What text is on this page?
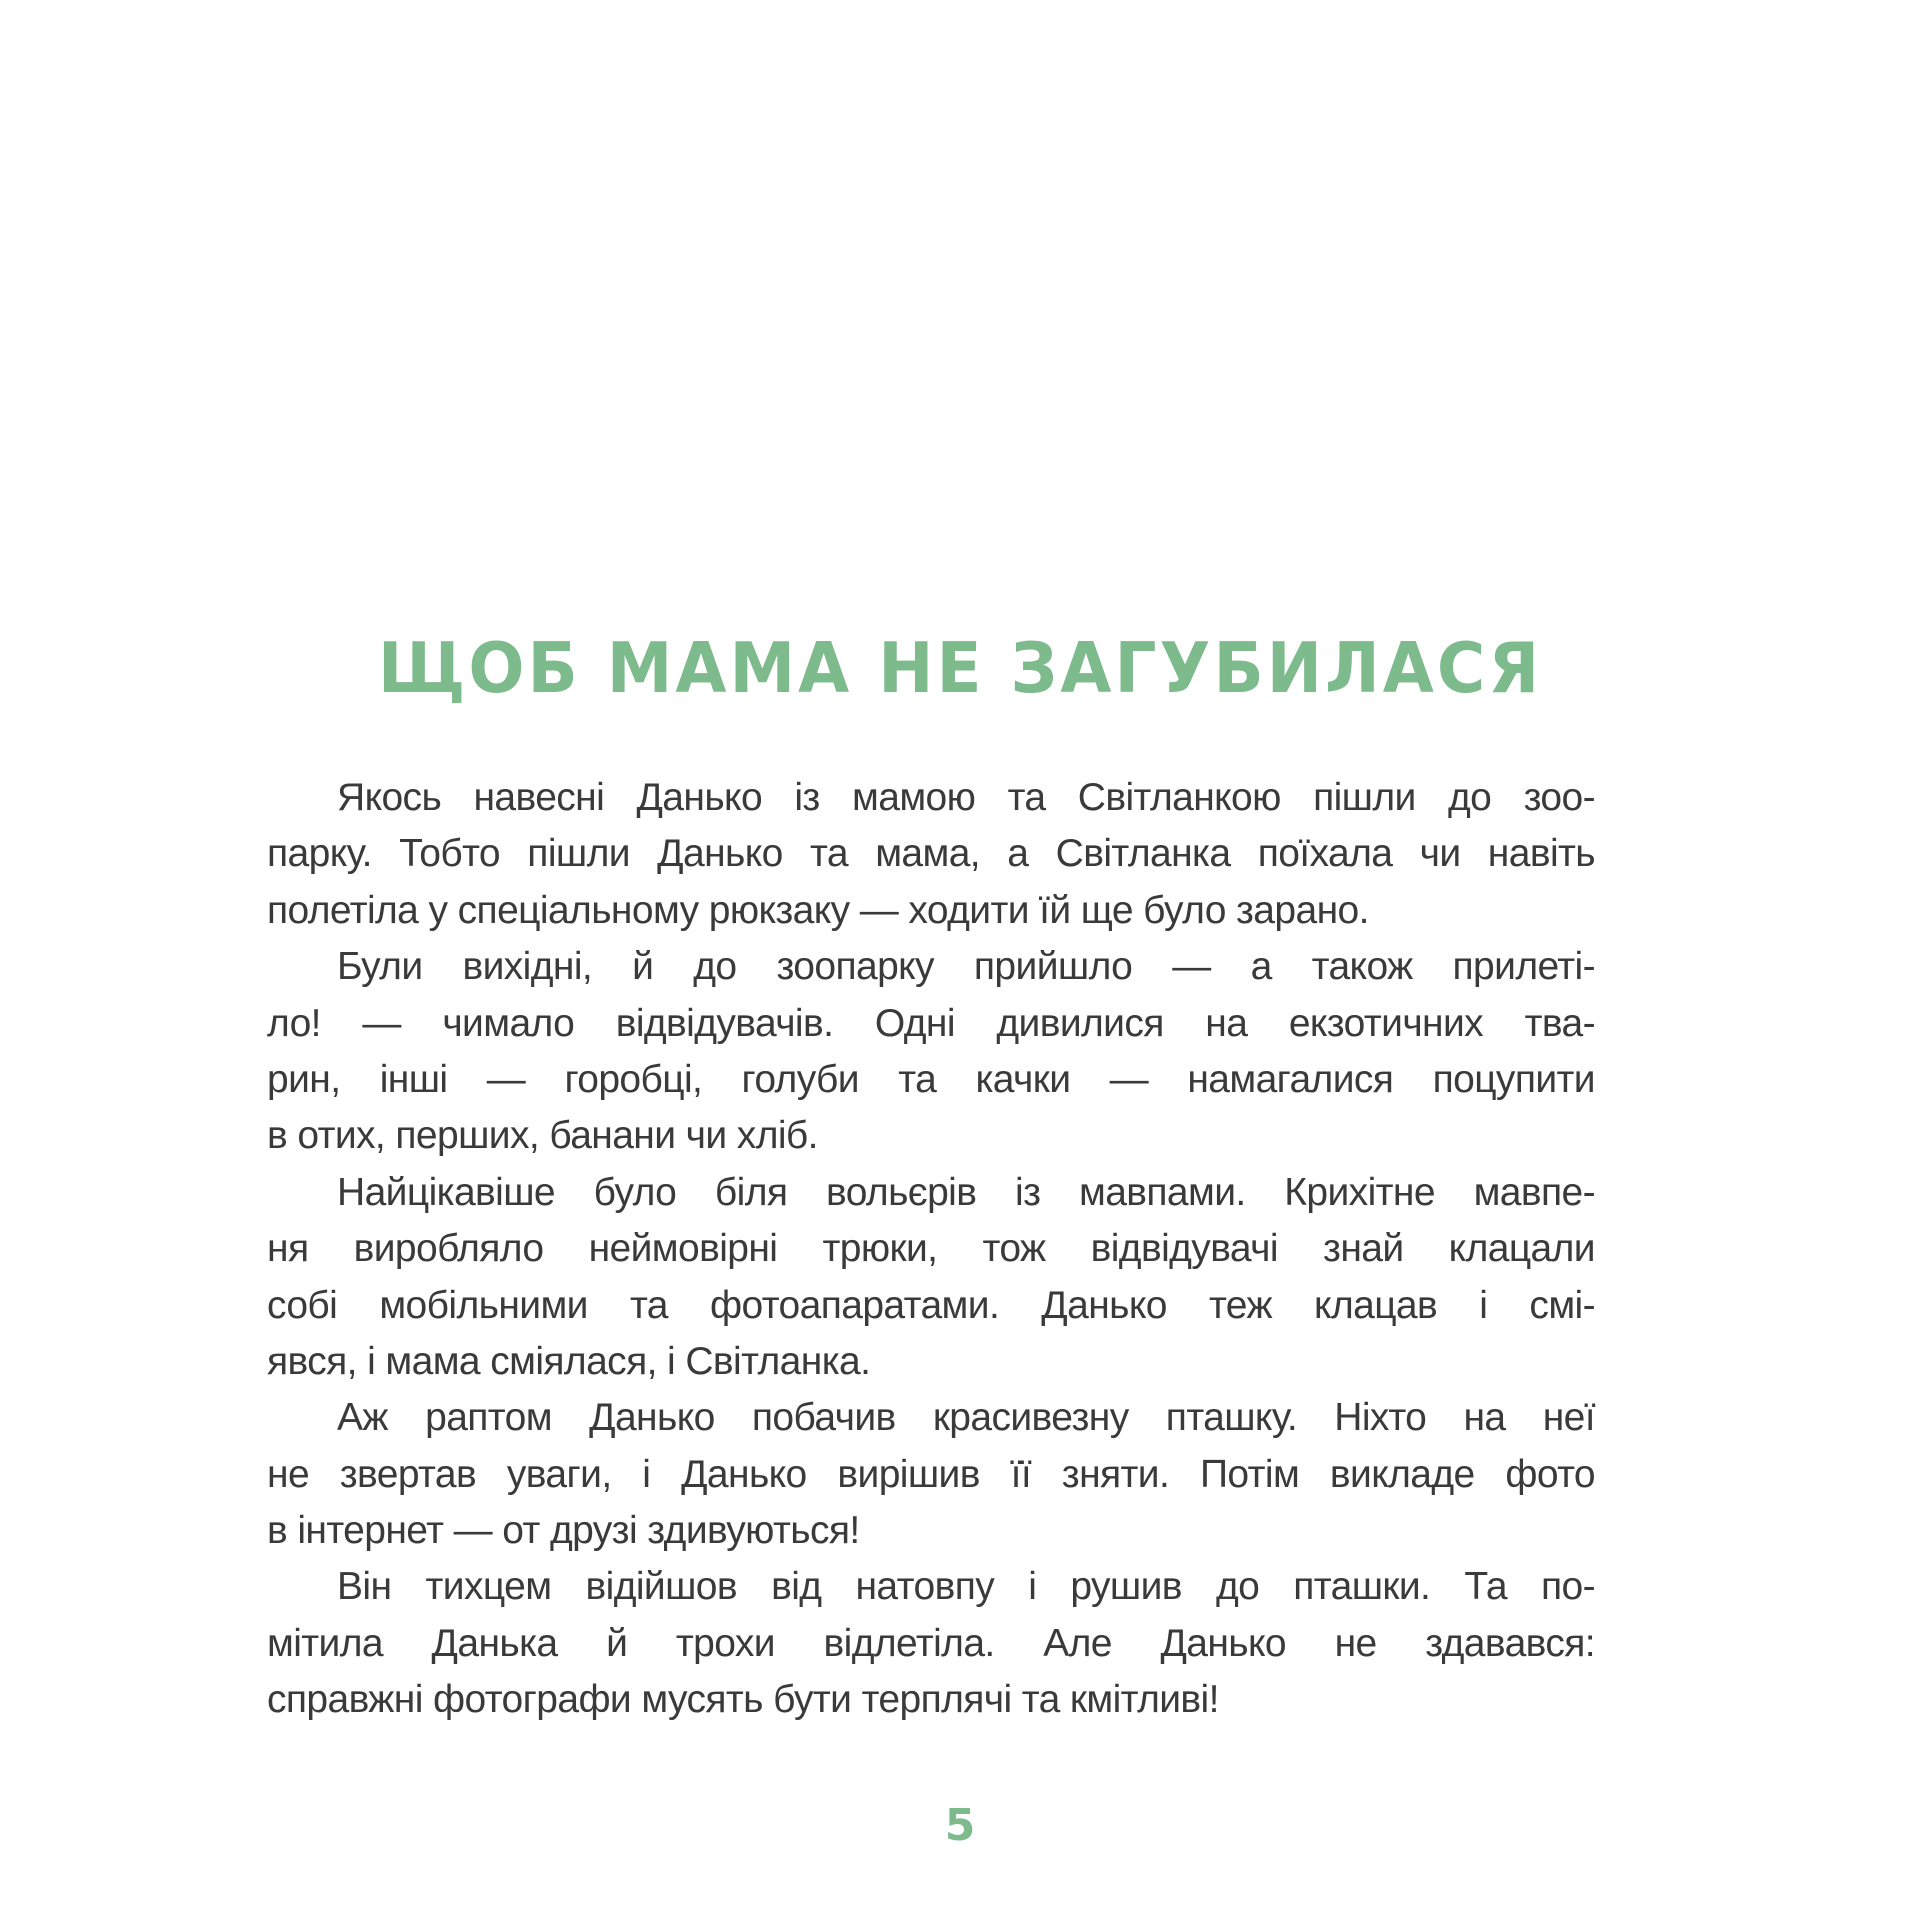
ЩОБ МАМА НЕ ЗАГУБИЛАСЯ
Якось навесні Данько із мамою та Світланкою пішли до зоо-
парку. Тобто пішли Данько та мама, а Світланка поїхала чи навіть
полетіла у спеціальному рюкзаку — ходити їй ще було зарано.
Були вихідні, й до зоопарку прийшло — а також прилеті-
ло! — чимало відвідувачів. Одні дивилися на екзотичних тва-
рин, інші — горобці, голуби та качки — намагалися поцупити
в отих, перших, банани чи хліб.
Найцікавіше було біля вольєрів із мавпами. Крихітне мавпе-
ня виробляло неймовірні трюки, тож відвідувачі знай клацали
собі мобільними та фотоапаратами. Данько теж клацав і смі-
явся, і мама сміялася, і Світланка.
Аж раптом Данько побачив красивезну пташку. Ніхто на неї
не звертав уваги, і Данько вирішив її зняти. Потім викладе фото
в інтернет — от друзі здивуються!
Він тихцем відійшов від натовпу і рушив до пташки. Та по-
мітила Данька й трохи відлетіла. Але Данько не здавався:
справжні фотографи мусять бути терплячі та кмітливі!
5
